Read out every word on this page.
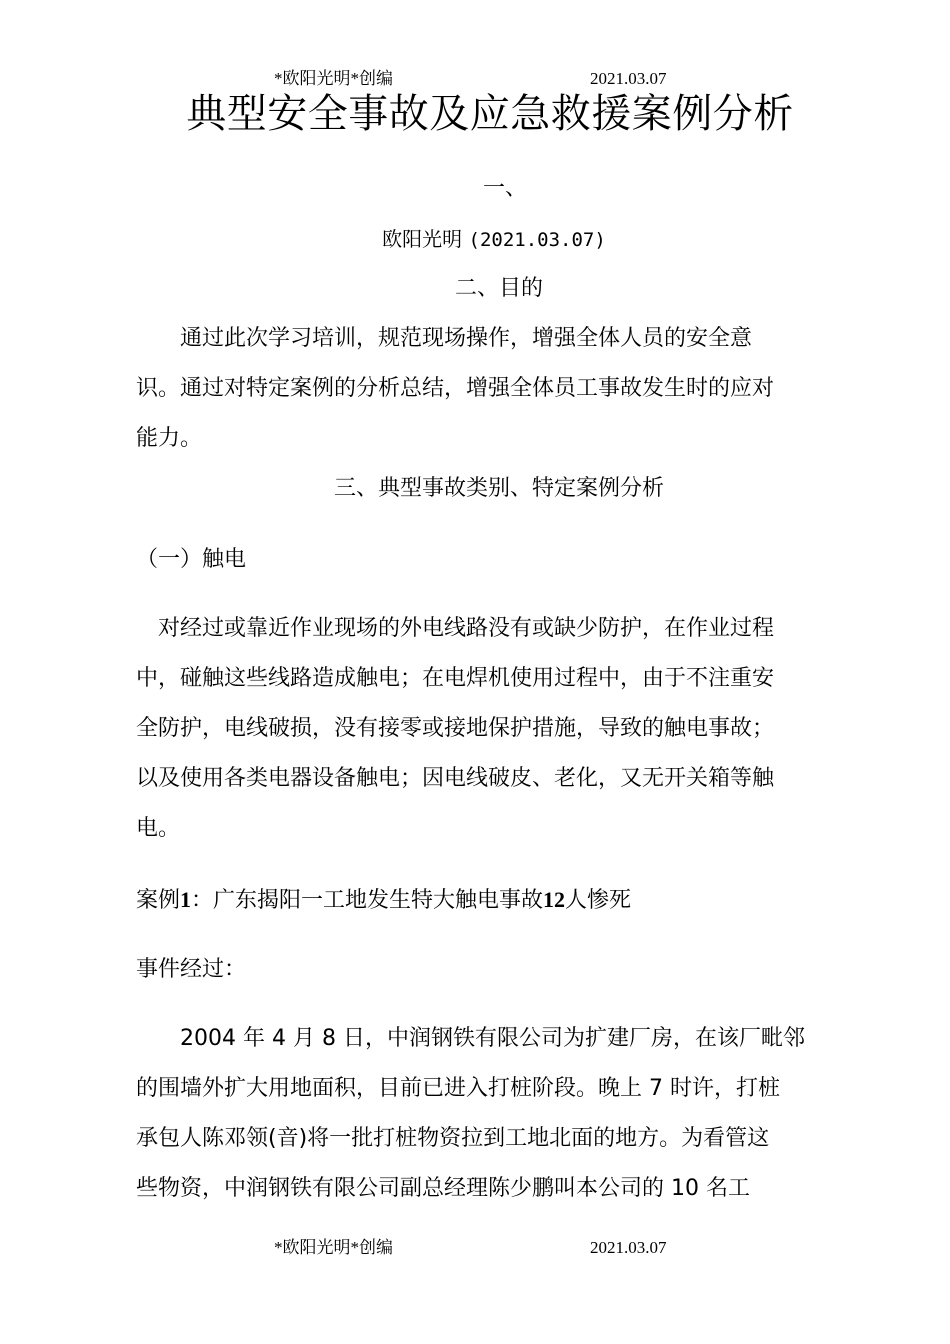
*欧阳光明*创编	2021.03.07
典型安全事故及应急救援案例分析
一、
欧阳光明 (2021.03.07)
二、目的
　　通过此次学习培训，规范现场操作，增强全体人员的安全意
识。通过对特定案例的分析总结，增强全体员工事故发生时的应对
能力。
三、典型事故类别、特定案例分析
（一）触电
　对经过或靠近作业现场的外电线路没有或缺少防护，在作业过程
中，碰触这些线路造成触电；在电焊机使用过程中，由于不注重安
全防护，电线破损，没有接零或接地保护措施，导致的触电事故；
以及使用各类电器设备触电；因电线破皮、老化，又无开关箱等触
电。
案例1：广东揭阳一工地发生特大触电事故12人惨死
事件经过：
　　2004 年 4 月 8 日，中润钢铁有限公司为扩建厂房，在该厂毗邻
的围墙外扩大用地面积，目前已进入打桩阶段。晚上 7 时许，打桩
承包人陈邓领(音)将一批打桩物资拉到工地北面的地方。为看管这
些物资，中润钢铁有限公司副总经理陈少鹏叫本公司的 10 名工
*欧阳光明*创编	2021.03.07
